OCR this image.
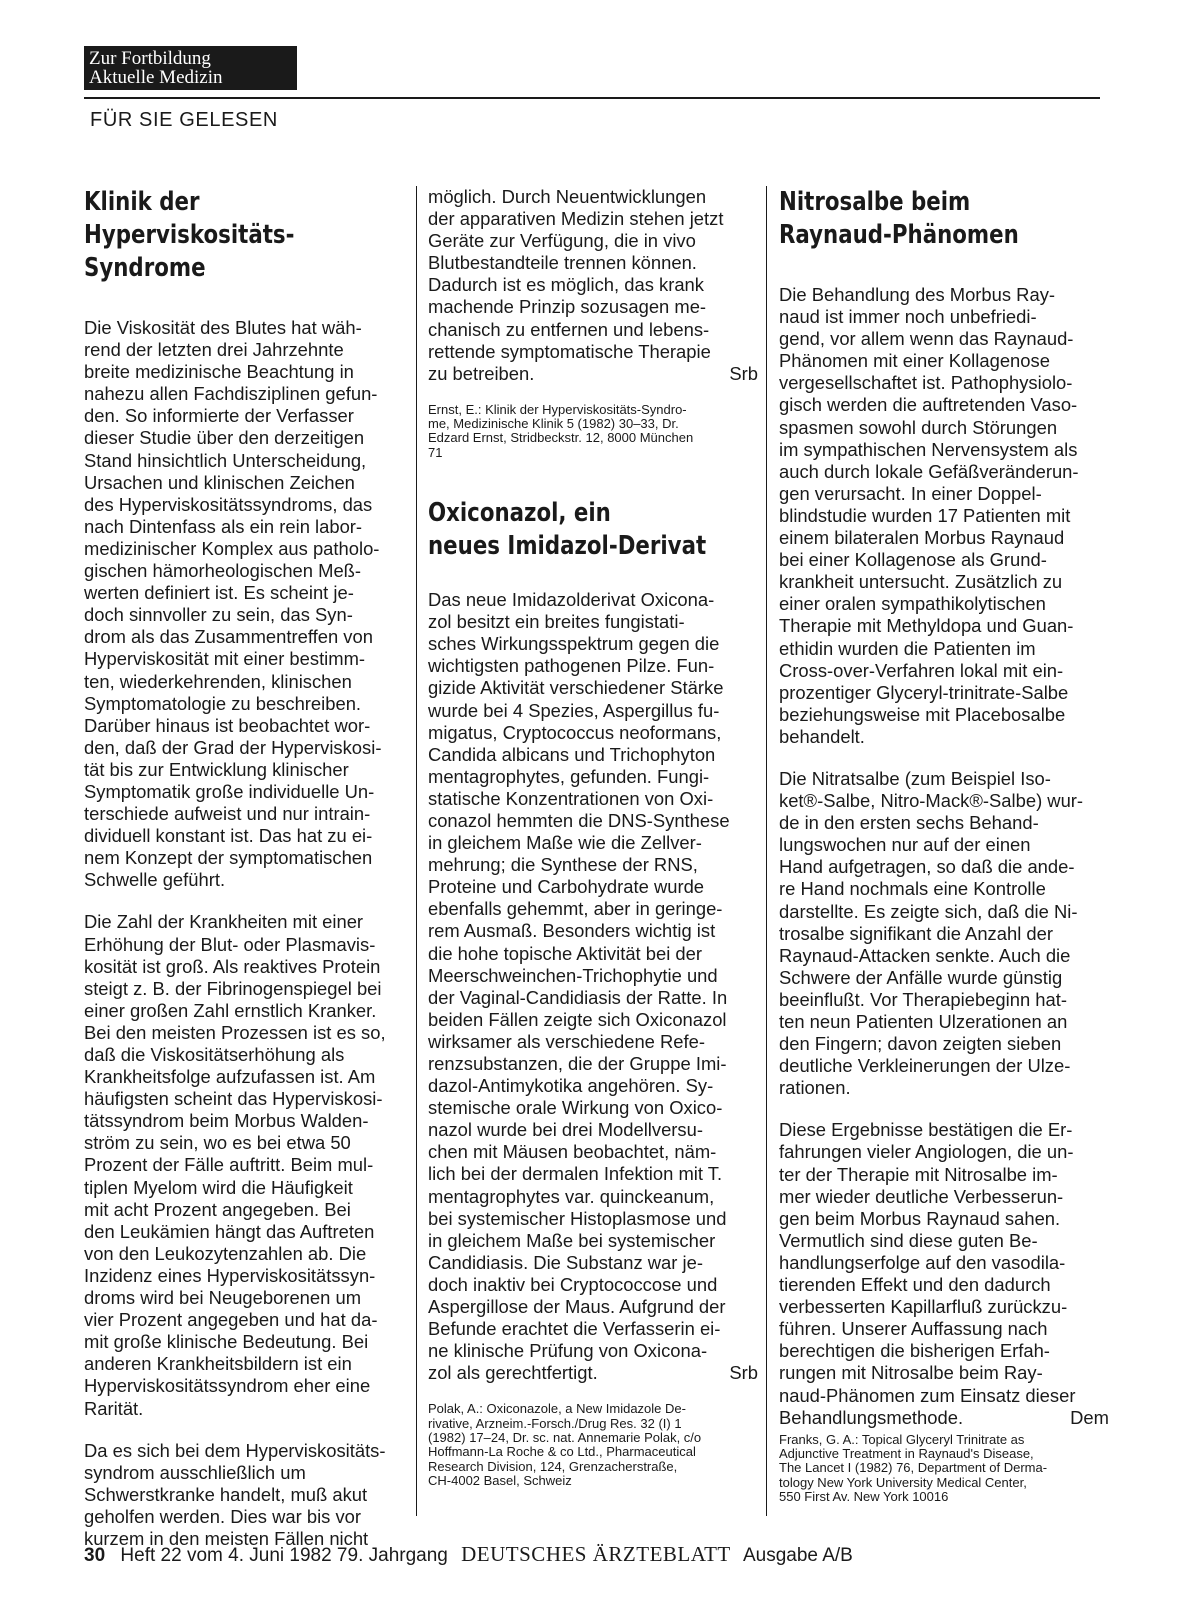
Zur Fortbildung
Aktuelle Medizin
FÜR SIE GELESEN
Klinik der
Hyperviskositäts-Syndrome

Die Viskosität des Blutes hat wäh-
rend der letzten drei Jahrzehnte
breite medizinische Beachtung in
nahezu allen Fachdisziplinen gefun-
den. So informierte der Verfasser
dieser Studie über den derzeitigen
Stand hinsichtlich Unterscheidung,
Ursachen und klinischen Zeichen
des Hyperviskositätssyndroms, das
nach Dintenfass als ein rein labor-
medizinischer Komplex aus patholo-
gischen hämorheologischen Meß-
werten definiert ist. Es scheint je-
doch sinnvoller zu sein, das Syn-
drom als das Zusammentreffen von
Hyperviskosität mit einer bestimm-
ten, wiederkehrenden, klinischen
Symptomatologie zu beschreiben.
Darüber hinaus ist beobachtet wor-
den, daß der Grad der Hyperviskosi-
tät bis zur Entwicklung klinischer
Symptomatik große individuelle Un-
terschiede aufweist und nur intrain-
dividuell konstant ist. Das hat zu ei-
nem Konzept der symptomatischen
Schwelle geführt.

Die Zahl der Krankheiten mit einer
Erhöhung der Blut- oder Plasmavis-
kosität ist groß. Als reaktives Protein
steigt z. B. der Fibrinogenspiegel bei
einer großen Zahl ernstlich Kranker.
Bei den meisten Prozessen ist es so,
daß die Viskositätserhöhung als
Krankheitsfolge aufzufassen ist. Am
häufigsten scheint das Hyperviskosi-
tätssyndrom beim Morbus Walden-
ström zu sein, wo es bei etwa 50
Prozent der Fälle auftritt. Beim mul-
tiplen Myelom wird die Häufigkeit
mit acht Prozent angegeben. Bei
den Leukämien hängt das Auftreten
von den Leukozytenzahlen ab. Die
Inzidenz eines Hyperviskositätssyn-
droms wird bei Neugeborenen um
vier Prozent angegeben und hat da-
mit große klinische Bedeutung. Bei
anderen Krankheitsbildern ist ein
Hyperviskositätssyndrom eher eine
Rarität.

Da es sich bei dem Hyperviskositäts-
syndrom ausschließlich um
Schwerstkranke handelt, muß akut
geholfen werden. Dies war bis vor
kurzem in den meisten Fällen nicht

möglich. Durch Neuentwicklungen
der apparativen Medizin stehen jetzt
Geräte zur Verfügung, die in vivo
Blutbestandteile trennen können.
Dadurch ist es möglich, das krank
machende Prinzip sozusagen me-
chanisch zu entfernen und lebens-
rettende symptomatische Therapie

zu betreiben.	Srb

Ernst, E.: Klinik der Hyperviskositäts-Syndro-
me, Medizinische Klinik 5 (1982) 30–33, Dr.
Edzard Ernst, Stridbeckstr. 12, 8000 München
71

Oxiconazol, ein
neues Imidazol-Derivat

Das neue Imidazolderivat Oxicona-
zol besitzt ein breites fungistati-
sches Wirkungsspektrum gegen die
wichtigsten pathogenen Pilze. Fun-
gizide Aktivität verschiedener Stärke
wurde bei 4 Spezies, Aspergillus fu-
migatus, Cryptococcus neoformans,
Candida albicans und Trichophyton
mentagrophytes, gefunden. Fungi-
statische Konzentrationen von Oxi-
conazol hemmten die DNS-Synthese
in gleichem Maße wie die Zellver-
mehrung; die Synthese der RNS,
Proteine und Carbohydrate wurde
ebenfalls gehemmt, aber in geringe-
rem Ausmaß. Besonders wichtig ist
die hohe topische Aktivität bei der
Meerschweinchen-Trichophytie und
der Vaginal-Candidiasis der Ratte. In
beiden Fällen zeigte sich Oxiconazol
wirksamer als verschiedene Refe-
renzsubstanzen, die der Gruppe Imi-
dazol-Antimykotika angehören. Sy-
stemische orale Wirkung von Oxico-
nazol wurde bei drei Modellversu-
chen mit Mäusen beobachtet, näm-
lich bei der dermalen Infektion mit T.
mentagrophytes var. quinckeanum,
bei systemischer Histoplasmose und
in gleichem Maße bei systemischer
Candidiasis. Die Substanz war je-
doch inaktiv bei Cryptococcose und
Aspergillose der Maus. Aufgrund der
Befunde erachtet die Verfasserin ei-
ne klinische Prüfung von Oxicona-

zol als gerechtfertigt.	Srb

Polak, A.: Oxiconazole, a New Imidazole De-
rivative, Arzneim.-Forsch./Drug Res. 32 (I) 1
(1982) 17–24, Dr. sc. nat. Annemarie Polak, c/o
Hoffmann-La Roche & co Ltd., Pharmaceutical
Research Division, 124, Grenzacherstraße,
CH-4002 Basel, Schweiz

Nitrosalbe beim
Raynaud-Phänomen

Die Behandlung des Morbus Ray-
naud ist immer noch unbefriedi-
gend, vor allem wenn das Raynaud-
Phänomen mit einer Kollagenose
vergesellschaftet ist. Pathophysiolo-
gisch werden die auftretenden Vaso-
spasmen sowohl durch Störungen
im sympathischen Nervensystem als
auch durch lokale Gefäßveränderun-
gen verursacht. In einer Doppel-
blindstudie wurden 17 Patienten mit
einem bilateralen Morbus Raynaud
bei einer Kollagenose als Grund-
krankheit untersucht. Zusätzlich zu
einer oralen sympathikolytischen
Therapie mit Methyldopa und Guan-
ethidin wurden die Patienten im
Cross-over-Verfahren lokal mit ein-
prozentiger Glyceryl-trinitrate-Salbe
beziehungsweise mit Placebosalbe
behandelt.

Die Nitratsalbe (zum Beispiel Iso-
ket®-Salbe, Nitro-Mack®-Salbe) wur-
de in den ersten sechs Behand-
lungswochen nur auf der einen
Hand aufgetragen, so daß die ande-
re Hand nochmals eine Kontrolle
darstellte. Es zeigte sich, daß die Ni-
trosalbe signifikant die Anzahl der
Raynaud-Attacken senkte. Auch die
Schwere der Anfälle wurde günstig
beeinflußt. Vor Therapiebeginn hat-
ten neun Patienten Ulzerationen an
den Fingern; davon zeigten sieben
deutliche Verkleinerungen der Ulze-
rationen.

Diese Ergebnisse bestätigen die Er-
fahrungen vieler Angiologen, die un-
ter der Therapie mit Nitrosalbe im-
mer wieder deutliche Verbesserun-
gen beim Morbus Raynaud sahen.
Vermutlich sind diese guten Be-
handlungserfolge auf den vasodila-
tierenden Effekt und den dadurch
verbesserten Kapillarfluß zurückzu-
führen. Unserer Auffassung nach
berechtigen die bisherigen Erfah-
rungen mit Nitrosalbe beim Ray-
naud-Phänomen zum Einsatz dieser

Behandlungsmethode.	Dem

Franks, G. A.: Topical Glyceryl Trinitrate as
Adjunctive Treatment in Raynaud's Disease,
The Lancet I (1982) 76, Department of Derma-
tology New York University Medical Center,
550 First Av. New York 10016

30 Heft 22 vom 4. Juni 1982 79. Jahrgang DEUTSCHES ÄRZTEBLATT Ausgabe A/B
